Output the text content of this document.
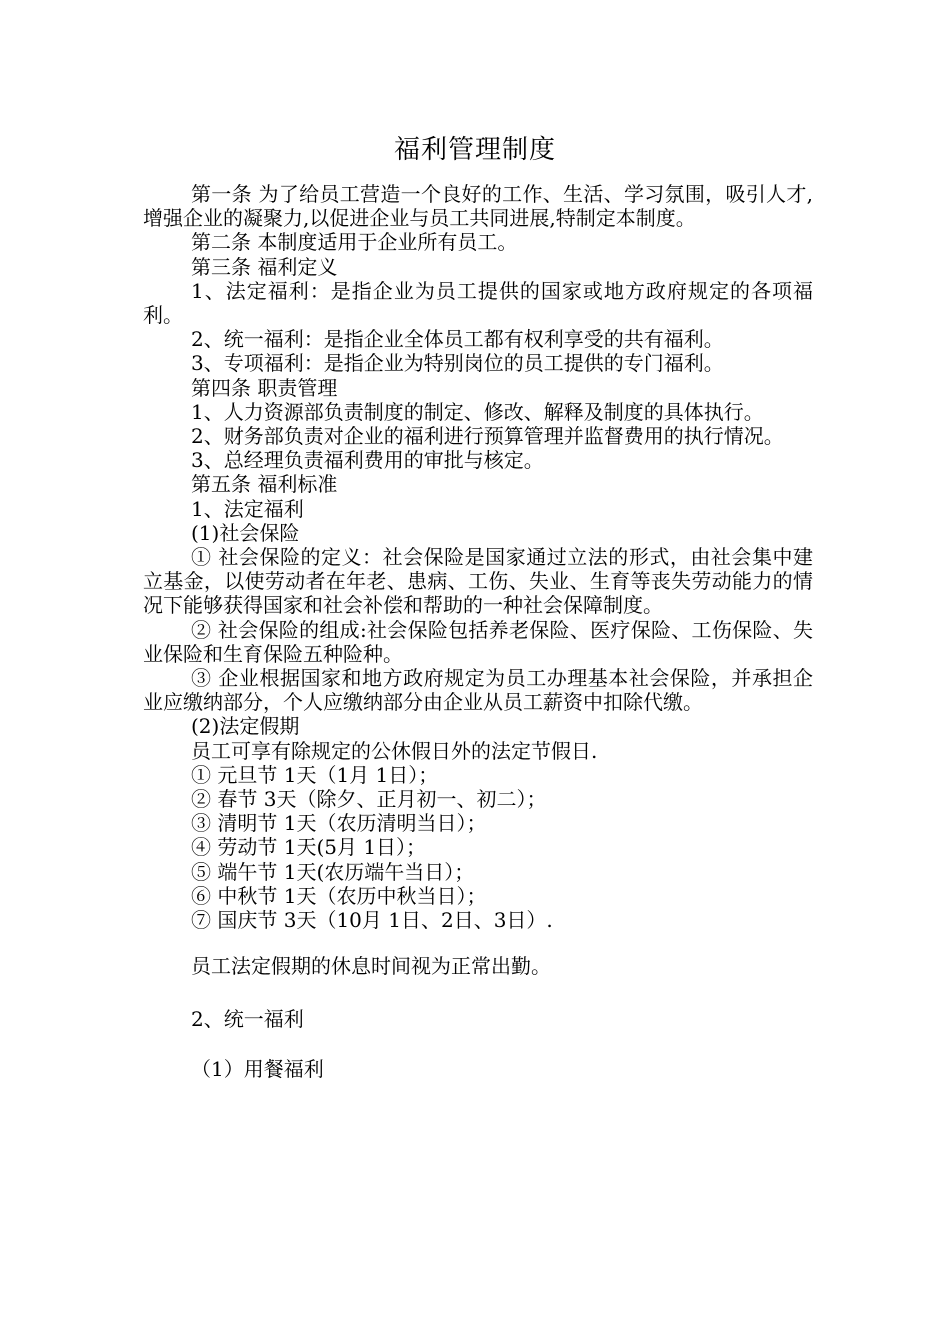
福利管理制度

第一条 为了给员工营造一个良好的工作、生活、学习氛围，吸引人才,增强企业的凝聚力,以促进企业与员工共同进展,特制定本制度。

第二条 本制度适用于企业所有员工。

第三条 福利定义

1、法定福利：是指企业为员工提供的国家或地方政府规定的各项福利。

2、统一福利：是指企业全体员工都有权利享受的共有福利。

3、专项福利：是指企业为特别岗位的员工提供的专门福利。

第四条 职责管理

1、人力资源部负责制度的制定、修改、解释及制度的具体执行。

2、财务部负责对企业的福利进行预算管理并监督费用的执行情况。

3、总经理负责福利费用的审批与核定。

第五条 福利标准

1、法定福利

(1)社会保险

① 社会保险的定义：社会保险是国家通过立法的形式，由社会集中建立基金，以使劳动者在年老、患病、工伤、失业、生育等丧失劳动能力的情况下能够获得国家和社会补偿和帮助的一种社会保障制度。

② 社会保险的组成:社会保险包括养老保险、医疗保险、工伤保险、失业保险和生育保险五种险种。

③ 企业根据国家和地方政府规定为员工办理基本社会保险，并承担企业应缴纳部分，个人应缴纳部分由企业从员工薪资中扣除代缴。

(2)法定假期

员工可享有除规定的公休假日外的法定节假日.

① 元旦节 1天（1月 1日）；

② 春节 3天（除夕、正月初一、初二）；

③ 清明节 1天（农历清明当日）；

④ 劳动节 1天(5月 1日）；

⑤ 端午节 1天(农历端午当日）；

⑥ 中秋节 1天（农历中秋当日）；

⑦ 国庆节 3天（10月 1日、2日、3日）.

员工法定假期的休息时间视为正常出勤。

2、统一福利

（1）用餐福利
